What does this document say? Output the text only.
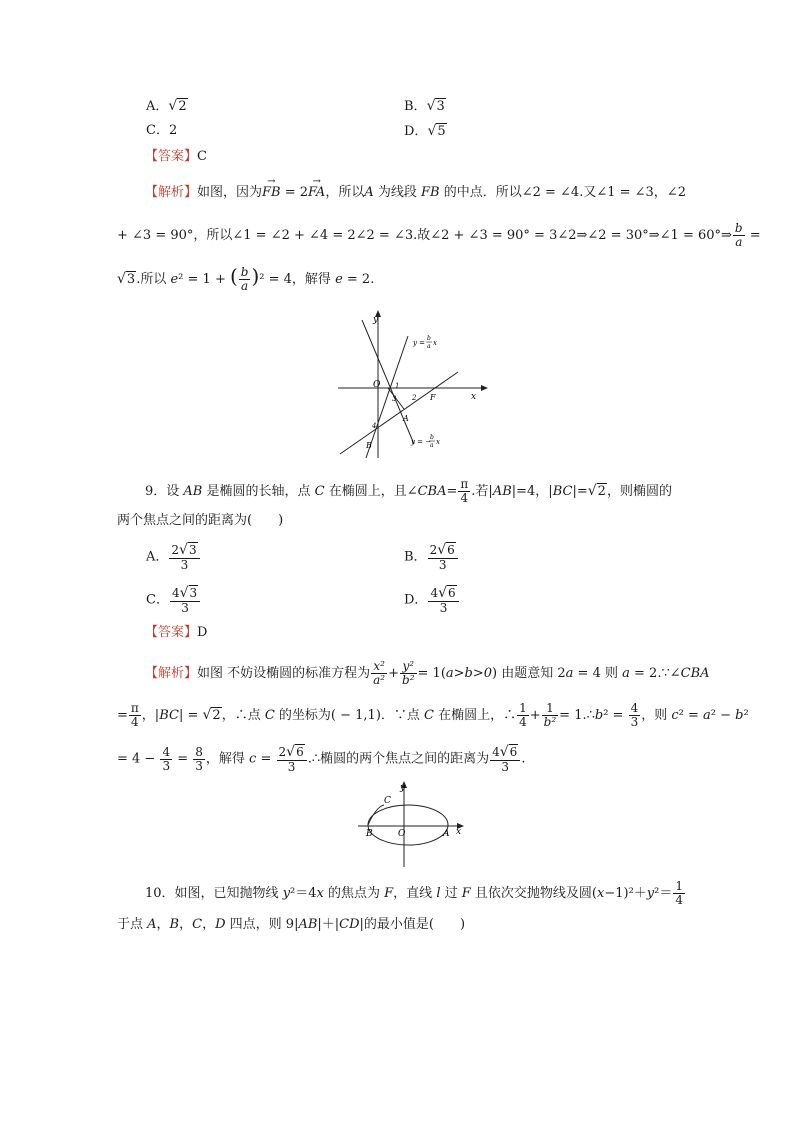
A．√2	B．√3
C．2	D．√5
【答案】C
【解析】如图，因为→ FB = 2→ FA，所以A 为线段 FB 的中点．所以∠2 = ∠4.又∠1 = ∠3，∠2
+ ∠3 = 90°，所以∠1 = ∠2 + ∠4 = 2∠2 = ∠3.故∠2 + ∠3 = 90° = 3∠2⇒∠2 = 30°⇒∠1 = 60°⇒ $\frac{b}{a}$ =
√3.所以 e² = 1 + ( $\frac{b}{a} )^2 = 4$，解得 e = 2.
y
x
O
F
A
B
1
2
3
4
y =
b
a x
y = −
b
a x
9．设 AB 是椭圆的长轴，点 C 在椭圆上，且∠CBA= $\frac{\pi}{4}$ .若|AB|=4，|BC|=√2，则椭圆的
两个焦点之间的距离为(　　)
A． $\frac{2√3}{3}$	B． $\frac{2√6}{3}$
C． $\frac{4√3}{3}$	D． $\frac{4√6}{3}$
【答案】D
【解析】如图 不妨设椭圆的标准方程为 $\frac{\text{x²}}{\text{a²}} + \frac{\text{y²}}{\text{b²}} = 1(a>b>0)$ 由题意知 2a = 4 则 a = 2.∵∠CBA
= $\frac{\pi}{4}$ ，|BC| = √2，∴点 C 的坐标为( − 1,1)．∵点 C 在椭圆上，∴ $\frac{1}{4} + \frac{1}{\text{b²}}$ = 1.∴b² = $\frac{4}{3}$ ，则 c² = a² − b²
= $4 - \frac{4}{3} = \frac{8}{3}$ ，解得 $c = \frac{2√6}{3}$ .∴椭圆的两个焦点之间的距离为 $\frac{4√6}{3}$ .
y
x
B	O	A
C
10．如图，已知抛物线 y²＝4x 的焦点为 F，直线 l 过 F 且依次交抛物线及圆$(x-1)^2+y^2= \frac{1}{4}$
于点 A，B，C，D 四点，则 9|AB|＋|CD|的最小值是(　　)
